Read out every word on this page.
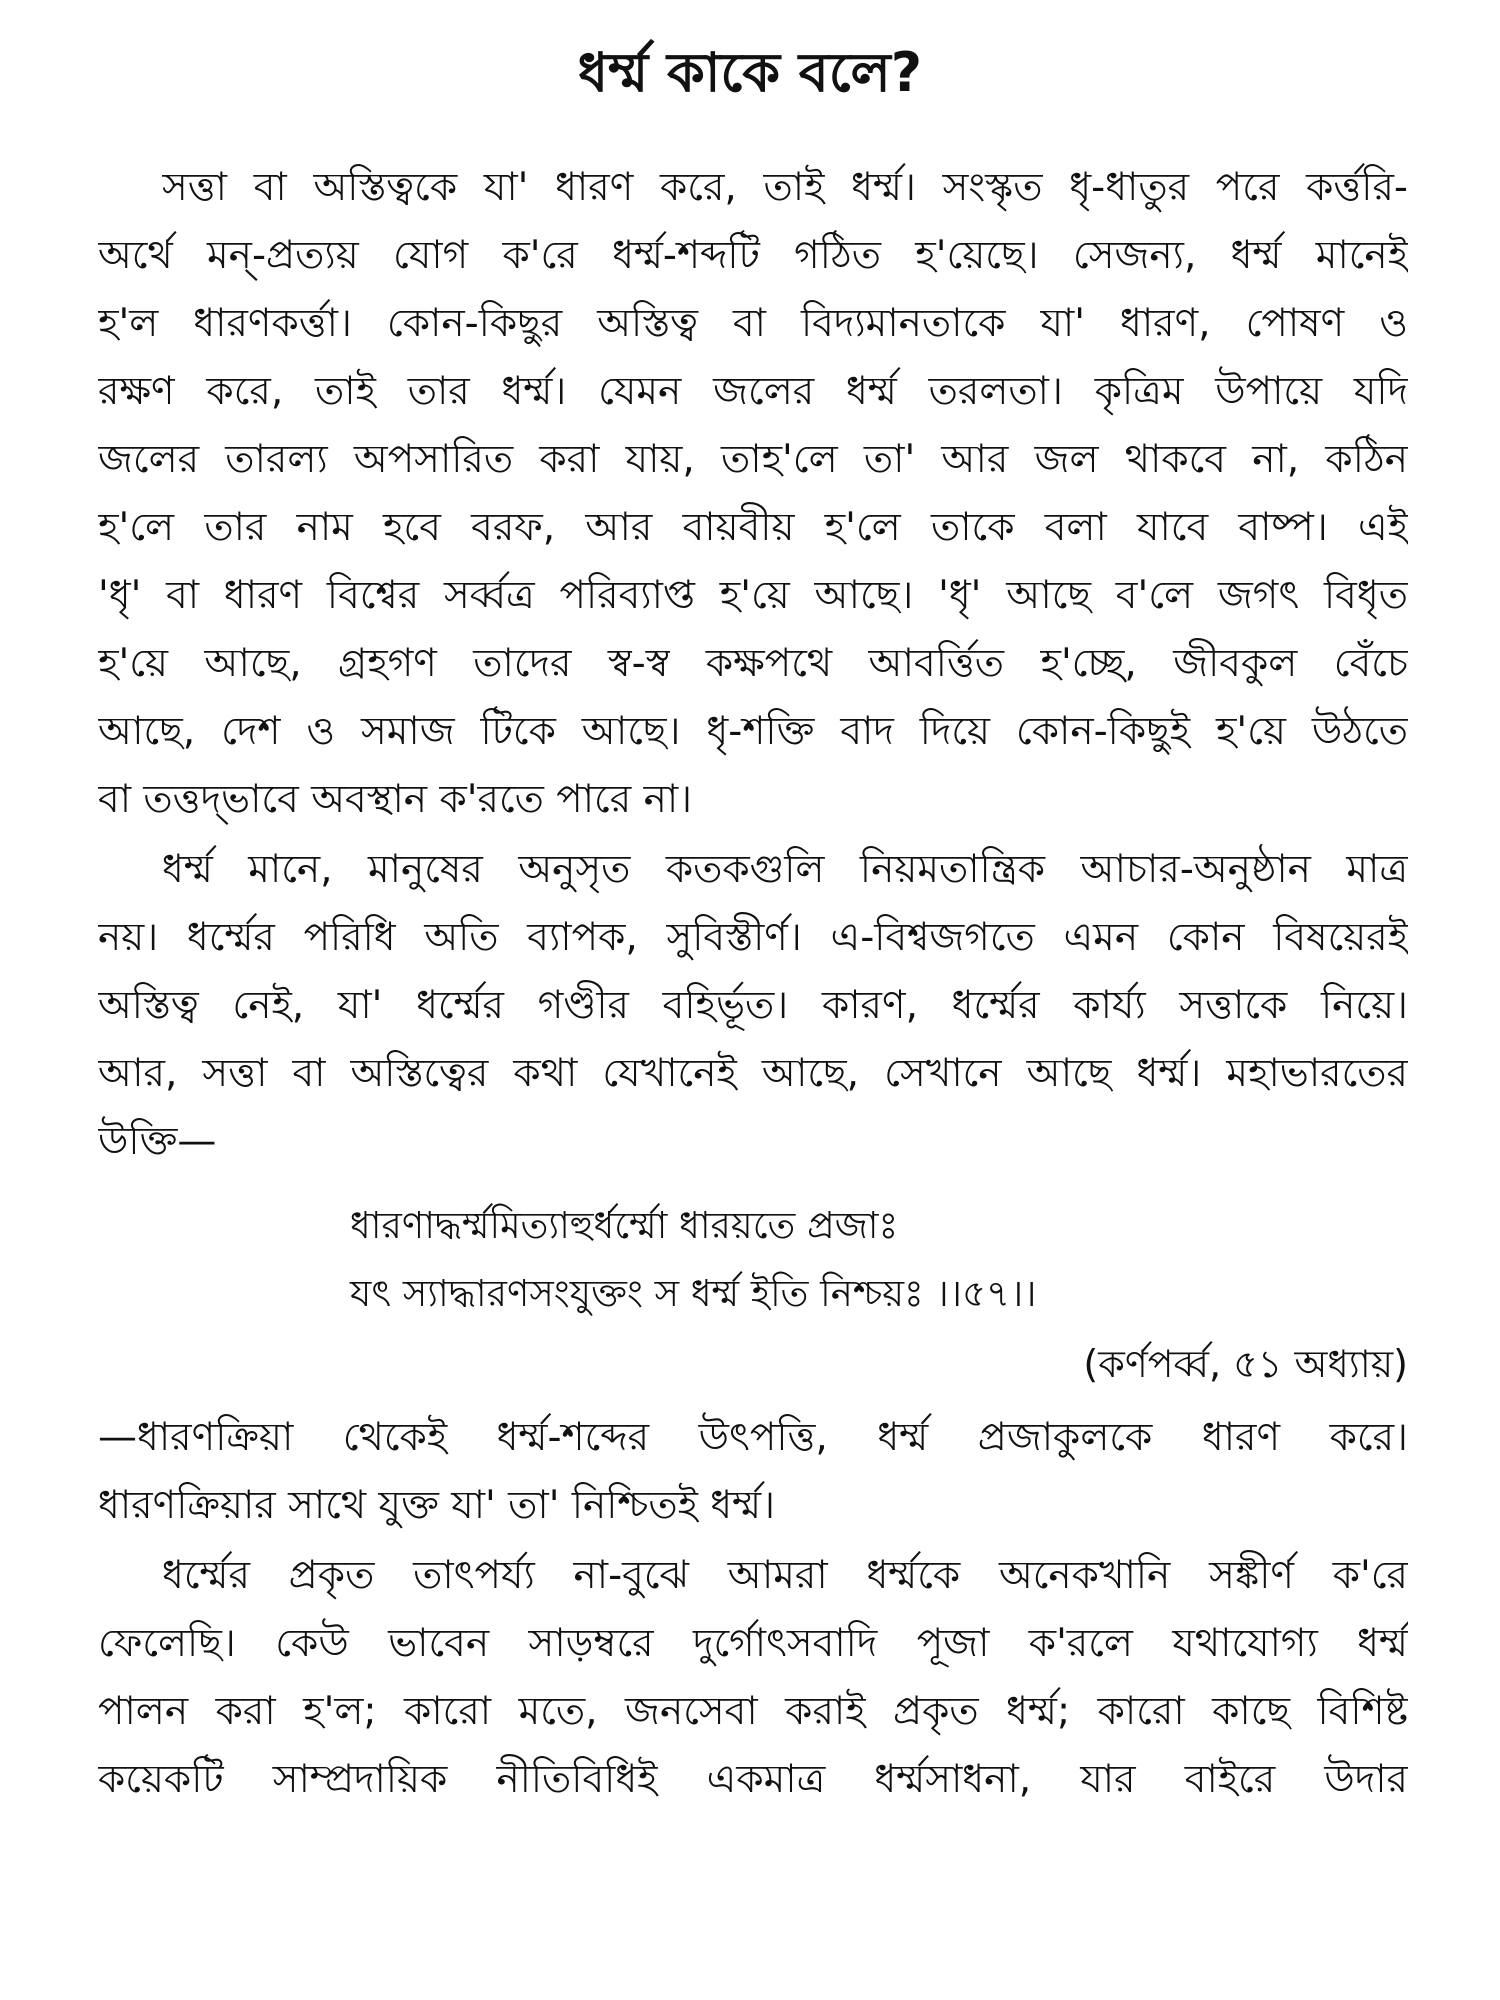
ধর্ম্ম কাকে বলে?
সত্তা বা অস্তিত্বকে যা' ধারণ করে, তাই ধর্ম্ম। সংস্কৃত ধৃ-ধাতুর পরে কর্ত্তরি-
অর্থে মন্‌-প্রত্যয় যোগ ক'রে ধর্ম্ম-শব্দটি গঠিত হ'য়েছে। সেজন্য, ধর্ম্ম মানেই
হ'ল ধারণকর্ত্তা। কোন-কিছুর অস্তিত্ব বা বিদ্যমানতাকে যা' ধারণ, পোষণ ও
রক্ষণ করে, তাই তার ধর্ম্ম। যেমন জলের ধর্ম্ম তরলতা। কৃত্রিম উপায়ে যদি
জলের তারল্য অপসারিত করা যায়, তাহ'লে তা' আর জল থাকবে না, কঠিন
হ'লে তার নাম হবে বরফ, আর বায়বীয় হ'লে তাকে বলা যাবে বাষ্প। এই
'ধৃ' বা ধারণ বিশ্বের সর্ব্বত্র পরিব্যাপ্ত হ'য়ে আছে। 'ধৃ' আছে ব'লে জগৎ বিধৃত
হ'য়ে আছে, গ্রহগণ তাদের স্ব-স্ব কক্ষপথে আবর্ত্তিত হ'চ্ছে, জীবকুল বেঁচে
আছে, দেশ ও সমাজ টিকে আছে। ধৃ-শক্তি বাদ দিয়ে কোন-কিছুই হ'য়ে উঠতে
বা তত্তদ্‌ভাবে অবস্থান ক'রতে পারে না।
ধর্ম্ম মানে, মানুষের অনুসৃত কতকগুলি নিয়মতান্ত্রিক আচার-অনুষ্ঠান মাত্র
নয়। ধর্ম্মের পরিধি অতি ব্যাপক, সুবিস্তীর্ণ। এ-বিশ্বজগতে এমন কোন বিষয়েরই
অস্তিত্ব নেই, যা' ধর্ম্মের গণ্ডীর বহির্ভূত। কারণ, ধর্ম্মের কার্য্য সত্তাকে নিয়ে।
আর, সত্তা বা অস্তিত্বের কথা যেখানেই আছে, সেখানে আছে ধর্ম্ম। মহাভারতের
উক্তি—
ধারণাদ্ধর্ম্মমিত্যাহুর্ধর্ম্মো ধারয়তে প্রজাঃ
যৎ স্যাদ্ধারণসংযুক্তং স ধর্ম্ম ইতি নিশ্চয়ঃ ।।৫৭।।
(কর্ণপর্ব্ব, ৫১ অধ্যায়)
—ধারণক্রিয়া থেকেই ধর্ম্ম-শব্দের উৎপত্তি, ধর্ম্ম প্রজাকুলকে ধারণ করে।
ধারণক্রিয়ার সাথে যুক্ত যা' তা' নিশ্চিতই ধর্ম্ম।
ধর্ম্মের প্রকৃত তাৎপর্য্য না-বুঝে আমরা ধর্ম্মকে অনেকখানি সঙ্কীর্ণ ক'রে
ফেলেছি। কেউ ভাবেন সাড়ম্বরে দুর্গোৎসবাদি পূজা ক'রলে যথাযোগ্য ধর্ম্ম
পালন করা হ'ল; কারো মতে, জনসেবা করাই প্রকৃত ধর্ম্ম; কারো কাছে বিশিষ্ট
কয়েকটি সাম্প্রদায়িক নীতিবিধিই একমাত্র ধর্ম্মসাধনা, যার বাইরে উদার
